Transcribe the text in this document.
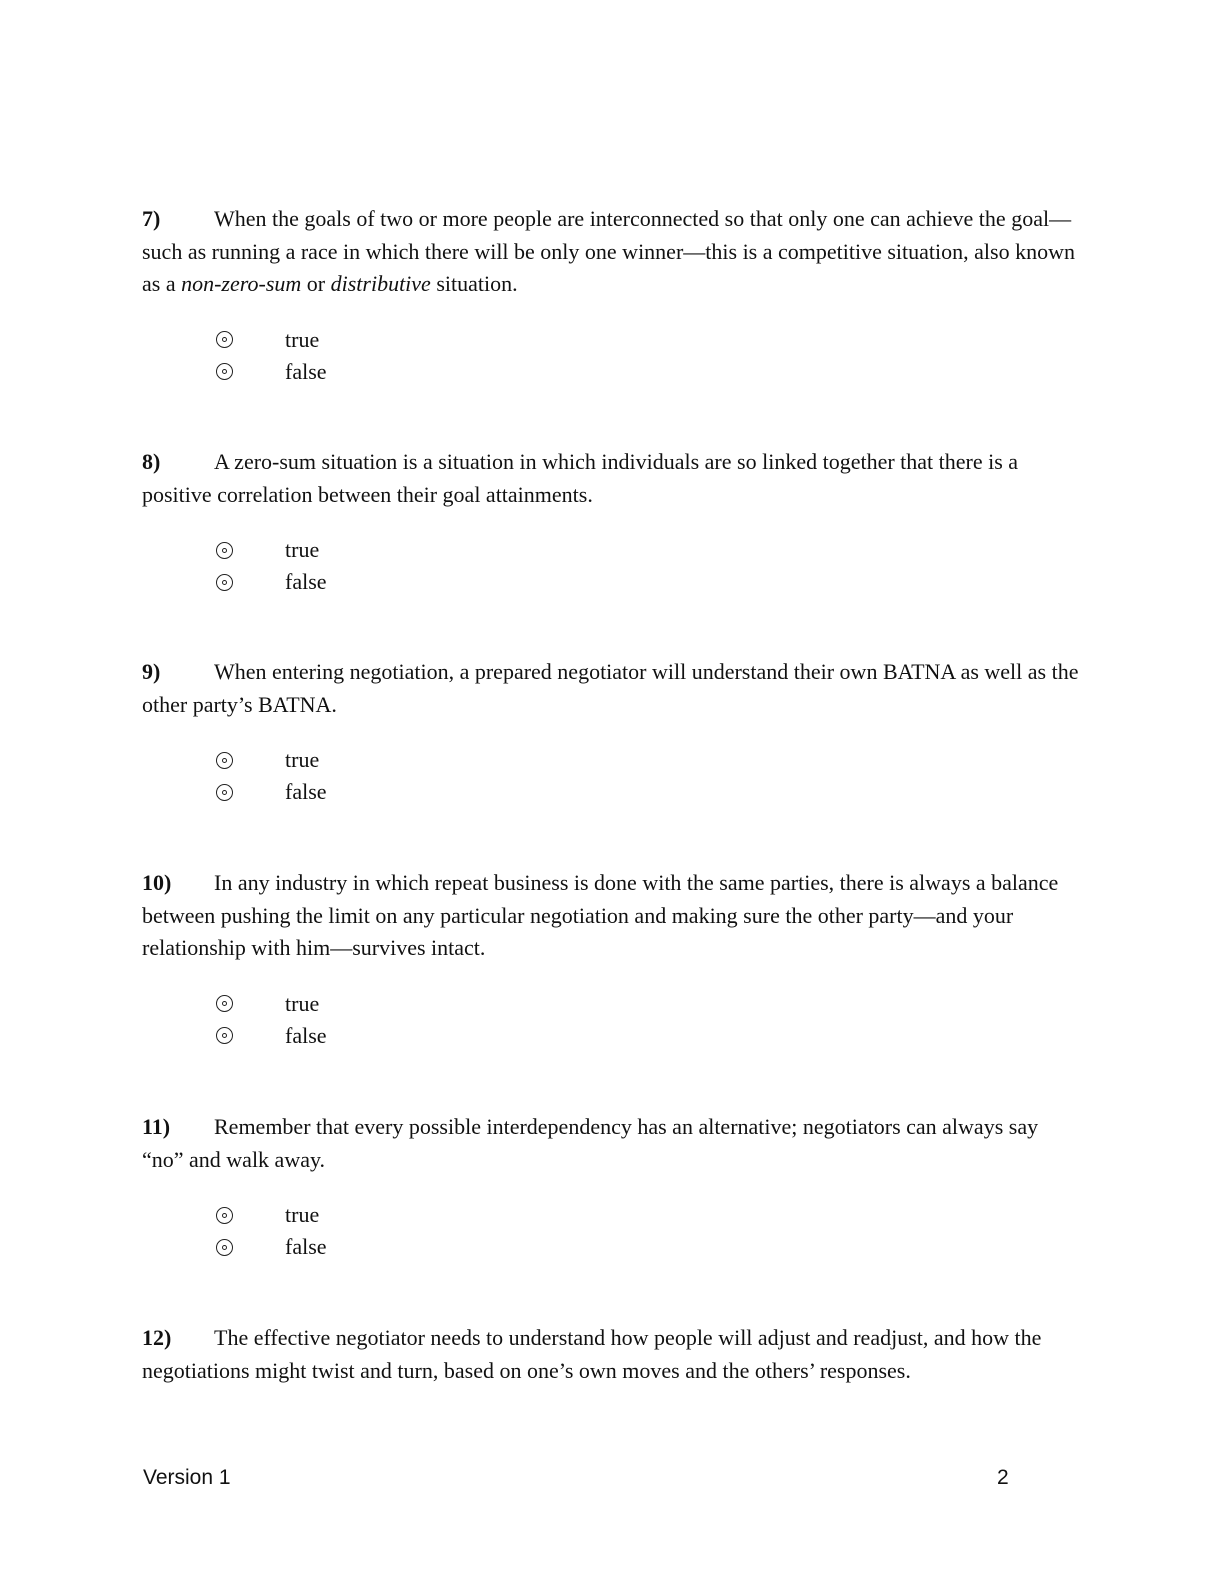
7) When the goals of two or more people are interconnected so that only one can achieve the goal—such as running a race in which there will be only one winner—this is a competitive situation, also known as a non-zero-sum or distributive situation.

true
false

8) A zero-sum situation is a situation in which individuals are so linked together that there is a positive correlation between their goal attainments.

true
false

9) When entering negotiation, a prepared negotiator will understand their own BATNA as well as the other party’s BATNA.

true
false

10) In any industry in which repeat business is done with the same parties, there is always a balance between pushing the limit on any particular negotiation and making sure the other party—and your relationship with him—survives intact.

true
false

11) Remember that every possible interdependency has an alternative; negotiators can always say “no” and walk away.

true
false

12) The effective negotiator needs to understand how people will adjust and readjust, and how the negotiations might twist and turn, based on one’s own moves and the others’ responses.

Version 1	2
